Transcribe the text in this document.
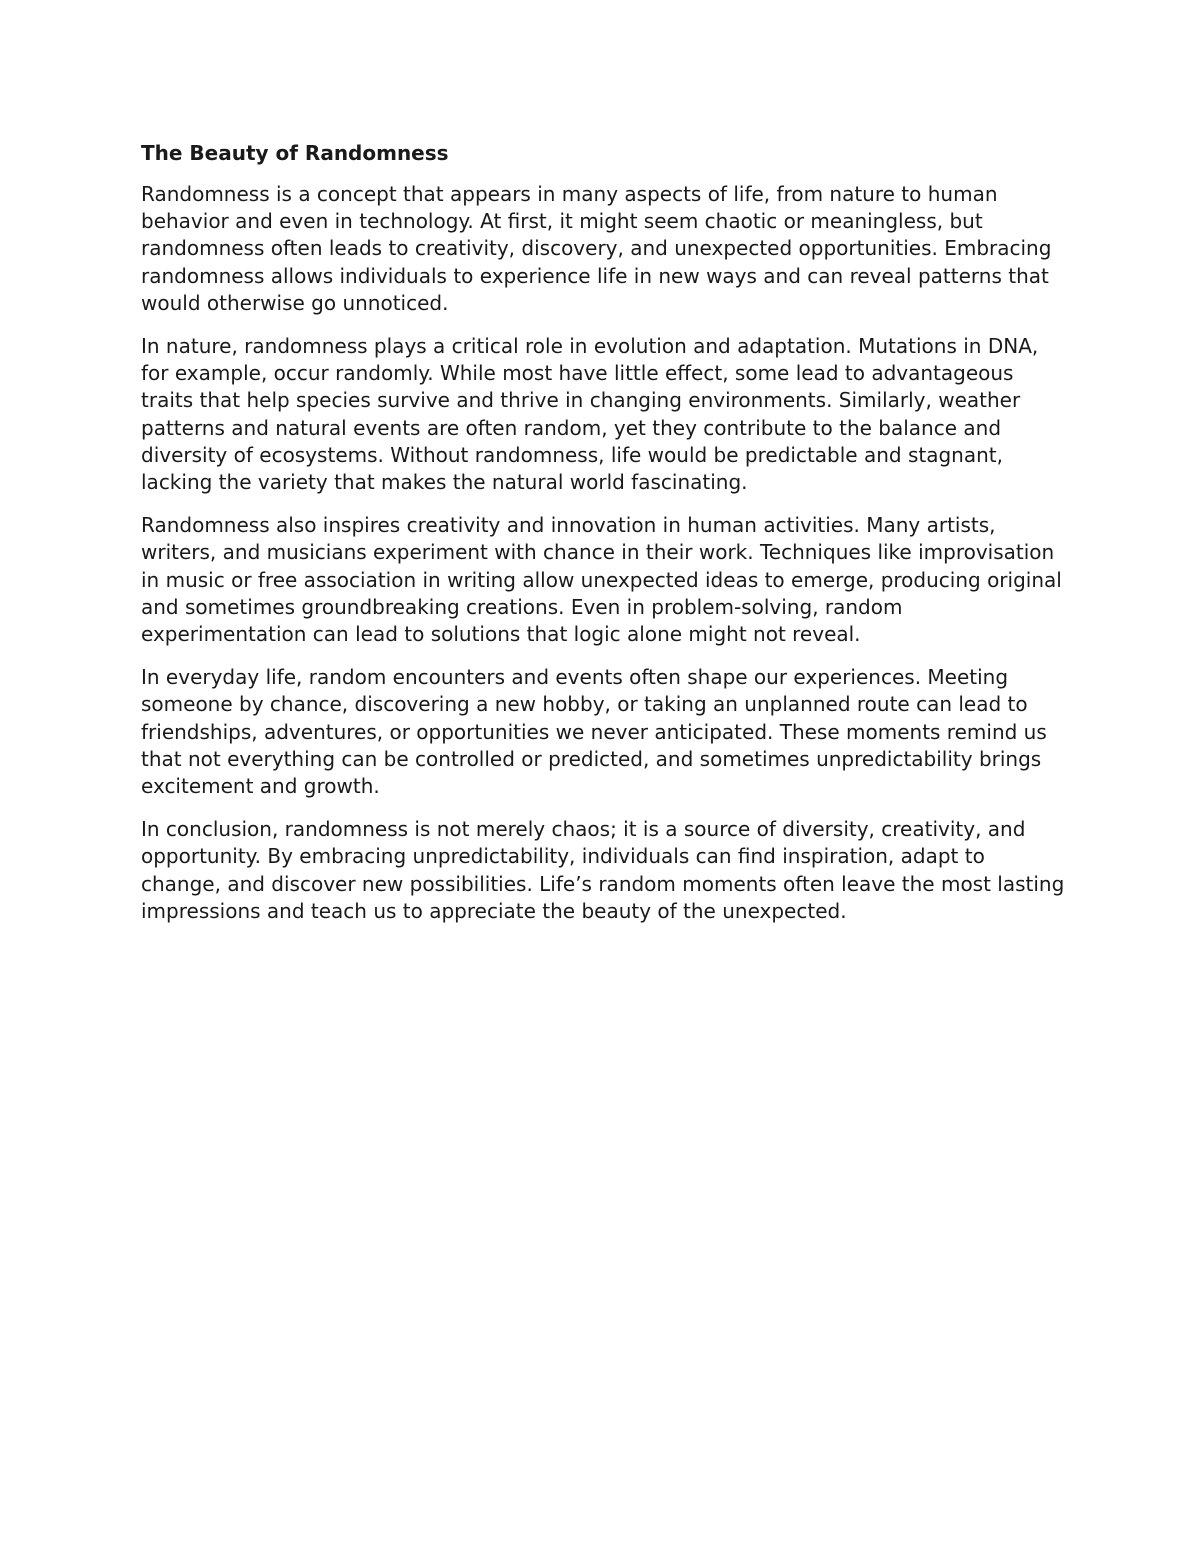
The Beauty of Randomness

Randomness is a concept that appears in many aspects of life, from nature to human behavior and even in technology. At first, it might seem chaotic or meaningless, but randomness often leads to creativity, discovery, and unexpected opportunities. Embracing randomness allows individuals to experience life in new ways and can reveal patterns that would otherwise go unnoticed.

In nature, randomness plays a critical role in evolution and adaptation. Mutations in DNA, for example, occur randomly. While most have little effect, some lead to advantageous traits that help species survive and thrive in changing environments. Similarly, weather patterns and natural events are often random, yet they contribute to the balance and diversity of ecosystems. Without randomness, life would be predictable and stagnant, lacking the variety that makes the natural world fascinating.

Randomness also inspires creativity and innovation in human activities. Many artists, writers, and musicians experiment with chance in their work. Techniques like improvisation in music or free association in writing allow unexpected ideas to emerge, producing original and sometimes groundbreaking creations. Even in problem-solving, random experimentation can lead to solutions that logic alone might not reveal.

In everyday life, random encounters and events often shape our experiences. Meeting someone by chance, discovering a new hobby, or taking an unplanned route can lead to friendships, adventures, or opportunities we never anticipated. These moments remind us that not everything can be controlled or predicted, and sometimes unpredictability brings excitement and growth.

In conclusion, randomness is not merely chaos; it is a source of diversity, creativity, and opportunity. By embracing unpredictability, individuals can find inspiration, adapt to change, and discover new possibilities. Life’s random moments often leave the most lasting impressions and teach us to appreciate the beauty of the unexpected.
